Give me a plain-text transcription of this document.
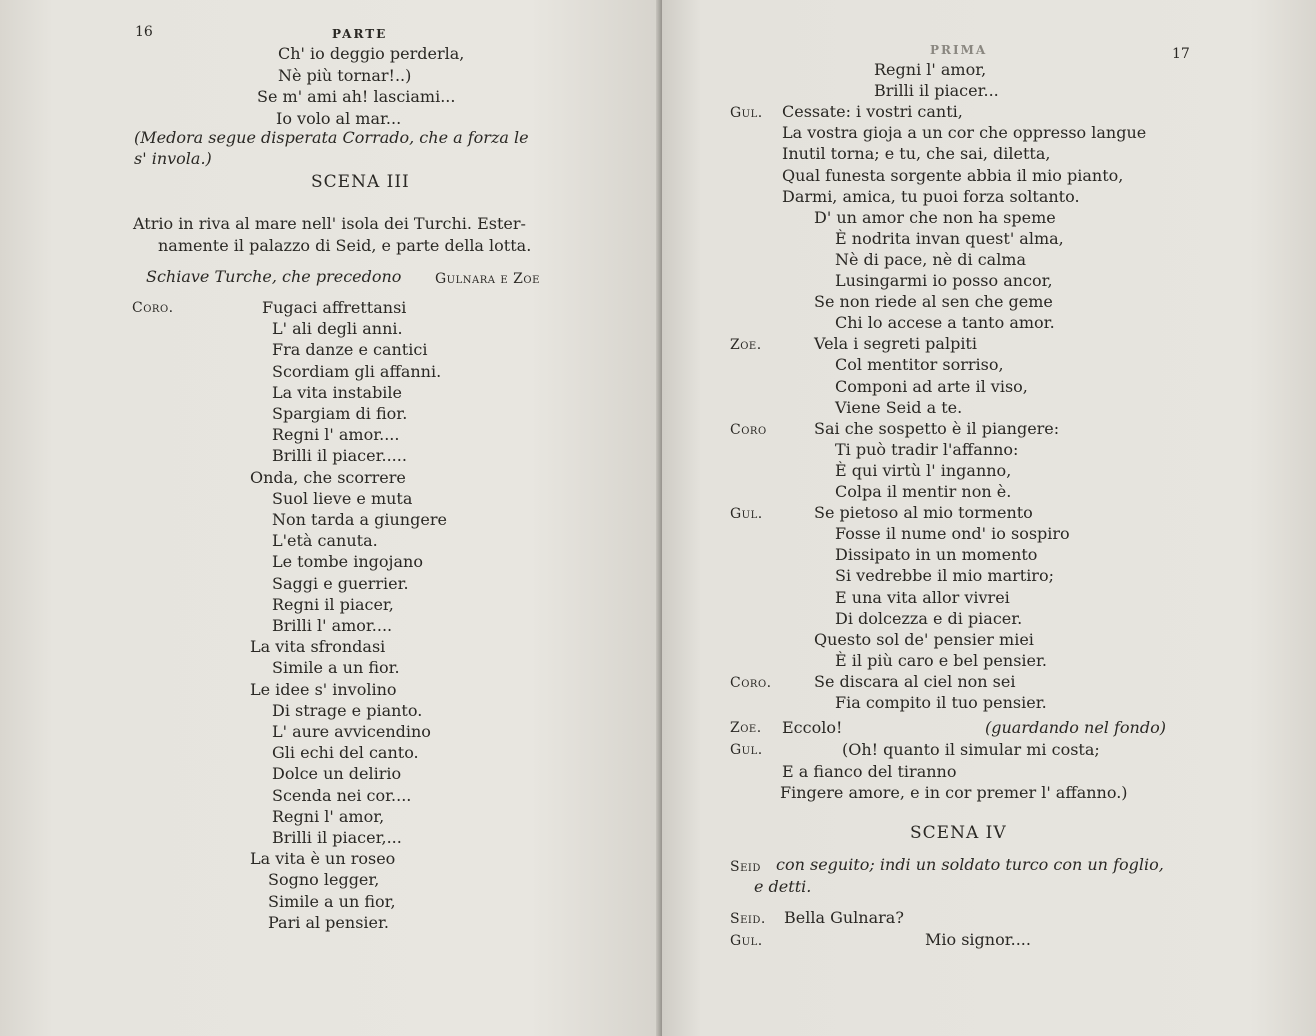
16	PARTE
Ch' io deggio perderla,
Nè più tornar!..)
Se m' ami ah! lasciami...
Io volo al mar...
(Medora segue disperata Corrado, che a forza le
s' invola.)
SCENA III
Atrio in riva al mare nell' isola dei Turchi. Ester-
namente il palazzo di Seid, e parte della lotta.
Schiave Turche, che precedono Gulnara e Zoe
Coro.	Fugaci affrettansi
L' ali degli anni.
Fra danze e cantici
Scordiam gli affanni.
La vita instabile
Spargiam di fior.
Regni l' amor....
Brilli il piacer.....
Onda, che scorrere
Suol lieve e muta
Non tarda a giungere
L'età canuta.
Le tombe ingojano
Saggi e guerrier.
Regni il piacer,
Brilli l' amor....
La vita sfrondasi
Simile a un fior.
Le idee s' involino
Di strage e pianto.
L' aure avvicendino
Gli echi del canto.
Dolce un delirio
Scenda nei cor....
Regni l' amor,
Brilli il piacer,...
La vita è un roseo
Sogno legger,
Simile a un fior,
Pari al pensier.
PRIMA	17
Regni l' amor,
Brilli il piacer...
Gul. Cessate: i vostri canti,
La vostra gioja a un cor che oppresso langue
Inutil torna; e tu, che sai, diletta,
Qual funesta sorgente abbia il mio pianto,
Darmi, amica, tu puoi forza soltanto.
D' un amor che non ha speme
È nodrita invan quest' alma,
Nè di pace, nè di calma
Lusingarmi io posso ancor,
Se non riede al sen che geme
Chi lo accese a tanto amor.
Zoe.	Vela i segreti palpiti
Col mentitor sorriso,
Componi ad arte il viso,
Viene Seid a te.
Coro	Sai che sospetto è il piangere:
Ti può tradir l'affanno:
È qui virtù l' inganno,
Colpa il mentir non è.
Gul.	Se pietoso al mio tormento
Fosse il nume ond' io sospiro
Dissipato in un momento
Si vedrebbe il mio martiro;
E una vita allor vivrei
Di dolcezza e di piacer.
Questo sol de' pensier miei
È il più caro e bel pensier.
Coro.	Se discara al ciel non sei
Fia compito il tuo pensier.
Zoe. Eccolo!	(guardando nel fondo)
Gul.	(Oh! quanto il simular mi costa;
E a fianco del tiranno
Fingere amore, e in cor premer l' affanno.)
SCENA IV
Seid con seguito; indi un soldato turco con un foglio,
e detti.
Seid. Bella Gulnara?
Gul.	Mio signor....
